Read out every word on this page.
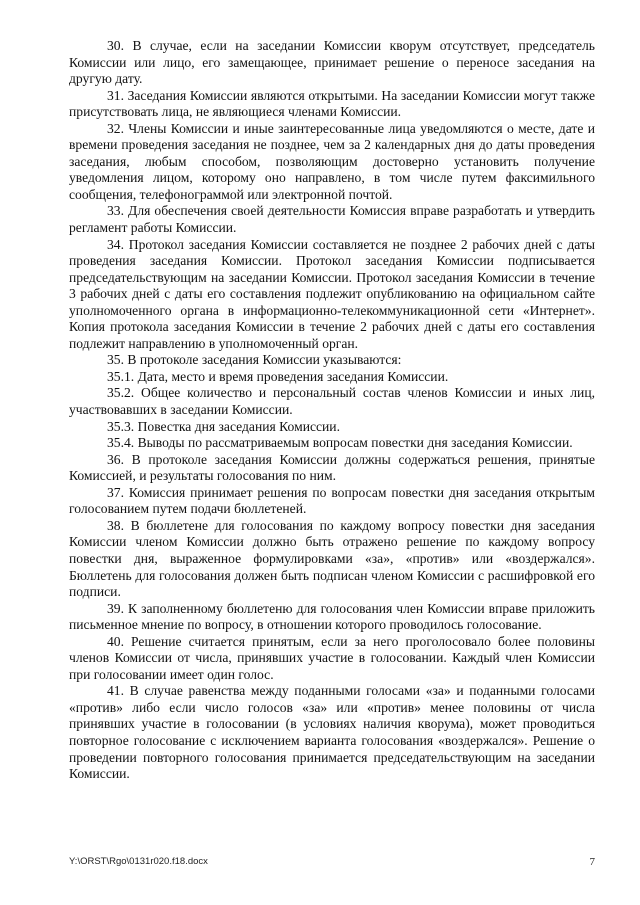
30. В случае, если на заседании Комиссии кворум отсутствует, председатель Комиссии или лицо, его замещающее, принимает решение о переносе заседания на другую дату.

31. Заседания Комиссии являются открытыми. На заседании Комиссии могут также присутствовать лица, не являющиеся членами Комиссии.

32. Члены Комиссии и иные заинтересованные лица уведомляются о месте, дате и времени проведения заседания не позднее, чем за 2 календарных дня до даты проведения заседания, любым способом, позволяющим достоверно установить получение уведомления лицом, которому оно направлено, в том числе путем факсимильного сообщения, телефонограммой или электронной почтой.

33. Для обеспечения своей деятельности Комиссия вправе разработать и утвердить регламент работы Комиссии.

34. Протокол заседания Комиссии составляется не позднее 2 рабочих дней с даты проведения заседания Комиссии. Протокол заседания Комиссии подписывается председательствующим на заседании Комиссии. Протокол заседания Комиссии в течение 3 рабочих дней с даты его составления подлежит опубликованию на официальном сайте уполномоченного органа в информационно-телекоммуникационной сети «Интернет». Копия протокола заседания Комиссии в течение 2 рабочих дней с даты его составления подлежит направлению в уполномоченный орган.

35. В протоколе заседания Комиссии указываются:

35.1. Дата, место и время проведения заседания Комиссии.

35.2. Общее количество и персональный состав членов Комиссии и иных лиц, участвовавших в заседании Комиссии.

35.3. Повестка дня заседания Комиссии.

35.4. Выводы по рассматриваемым вопросам повестки дня заседания Комиссии.

36. В протоколе заседания Комиссии должны содержаться решения, принятые Комиссией, и результаты голосования по ним.

37. Комиссия принимает решения по вопросам повестки дня заседания открытым голосованием путем подачи бюллетеней.

38. В бюллетене для голосования по каждому вопросу повестки дня заседания Комиссии членом Комиссии должно быть отражено решение по каждому вопросу повестки дня, выраженное формулировками «за», «против» или «воздержался». Бюллетень для голосования должен быть подписан членом Комиссии с расшифровкой его подписи.

39. К заполненному бюллетеню для голосования член Комиссии вправе приложить письменное мнение по вопросу, в отношении которого проводилось голосование.

40. Решение считается принятым, если за него проголосовало более половины членов Комиссии от числа, принявших участие в голосовании. Каждый член Комиссии при голосовании имеет один голос.

41. В случае равенства между поданными голосами «за» и поданными голосами «против» либо если число голосов «за» или «против» менее половины от числа принявших участие в голосовании (в условиях наличия кворума), может проводиться повторное голосование с исключением варианта голосования «воздержался». Решение о проведении повторного голосования принимается председательствующим на заседании Комиссии.

Y:\ORST\Rgo\0131r020.f18.docx	7
